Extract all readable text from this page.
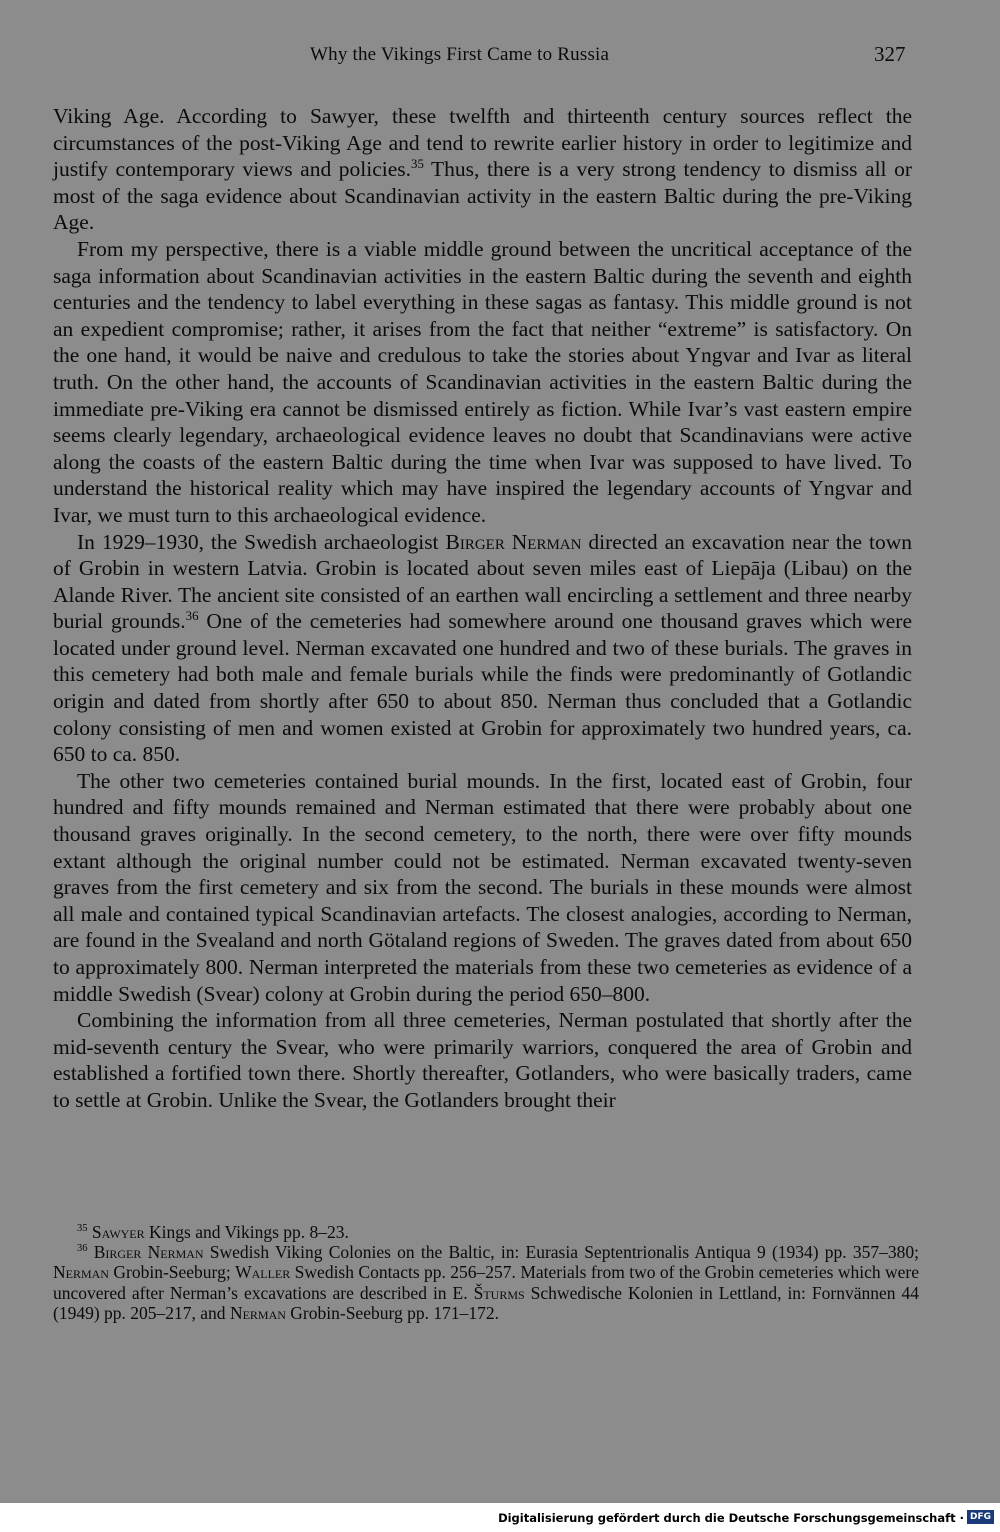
Why the Vikings First Came to Russia	327

Viking Age. According to Sawyer, these twelfth and thirteenth century sources reflect the circumstances of the post-Viking Age and tend to rewrite earlier history in order to legitimize and justify contemporary views and policies.$^{35}$ Thus, there is a very strong tendency to dismiss all or most of the saga evidence about Scandinavian activity in the eastern Baltic during the pre-Viking Age.

From my perspective, there is a viable middle ground between the uncritical acceptance of the saga information about Scandinavian activities in the eastern Baltic during the seventh and eighth centuries and the tendency to label everything in these sagas as fantasy. This middle ground is not an expedient compromise; rather, it arises from the fact that neither “extreme” is satisfactory. On the one hand, it would be naive and credulous to take the stories about Yngvar and Ivar as literal truth. On the other hand, the accounts of Scandinavian activities in the eastern Baltic during the immediate pre-Viking era cannot be dismissed entirely as fiction. While Ivar’s vast eastern empire seems clearly legendary, archaeological evidence leaves no doubt that Scandinavians were active along the coasts of the eastern Baltic during the time when Ivar was supposed to have lived. To understand the historical reality which may have inspired the legendary accounts of Yngvar and Ivar, we must turn to this archaeological evidence.

In 1929–1930, the Swedish archaeologist Birger Nerman directed an excavation near the town of Grobin in western Latvia. Grobin is located about seven miles east of Liepāja (Libau) on the Alande River. The ancient site consisted of an earthen wall encircling a settlement and three nearby burial grounds.$^{36}$ One of the cemeteries had somewhere around one thousand graves which were located under ground level. Nerman excavated one hundred and two of these burials. The graves in this cemetery had both male and female burials while the finds were predominantly of Gotlandic origin and dated from shortly after 650 to about 850. Nerman thus concluded that a Gotlandic colony consisting of men and women existed at Grobin for approximately two hundred years, ca. 650 to ca. 850.

The other two cemeteries contained burial mounds. In the first, located east of Grobin, four hundred and fifty mounds remained and Nerman estimated that there were probably about one thousand graves originally. In the second cemetery, to the north, there were over fifty mounds extant although the original number could not be estimated. Nerman excavated twenty-seven graves from the first cemetery and six from the second. The burials in these mounds were almost all male and contained typical Scandinavian artefacts. The closest analogies, according to Nerman, are found in the Svealand and north Götaland regions of Sweden. The graves dated from about 650 to approximately 800. Nerman interpreted the materials from these two cemeteries as evidence of a middle Swedish (Svear) colony at Grobin during the period 650–800.

Combining the information from all three cemeteries, Nerman postulated that shortly after the mid-seventh century the Svear, who were primarily warriors, conquered the area of Grobin and established a fortified town there. Shortly thereafter, Gotlanders, who were basically traders, came to settle at Grobin. Unlike the Svear, the Gotlanders brought their

$^{35}$ Sawyer Kings and Vikings pp. 8–23.

$^{36}$ Birger Nerman Swedish Viking Colonies on the Baltic, in: Eurasia Septentrionalis Antiqua 9 (1934) pp. 357–380; Nerman Grobin-Seeburg; Waller Swedish Contacts pp. 256–257. Materials from two of the Grobin cemeteries which were uncovered after Nerman’s excavations are described in E. Šturms Schwedische Kolonien in Lettland, in: Fornvännen 44 (1949) pp. 205–217, and Nerman Grobin-Seeburg pp. 171–172.

Digitalisierung gefördert durch die Deutsche Forschungsgemeinschaft · DFG
